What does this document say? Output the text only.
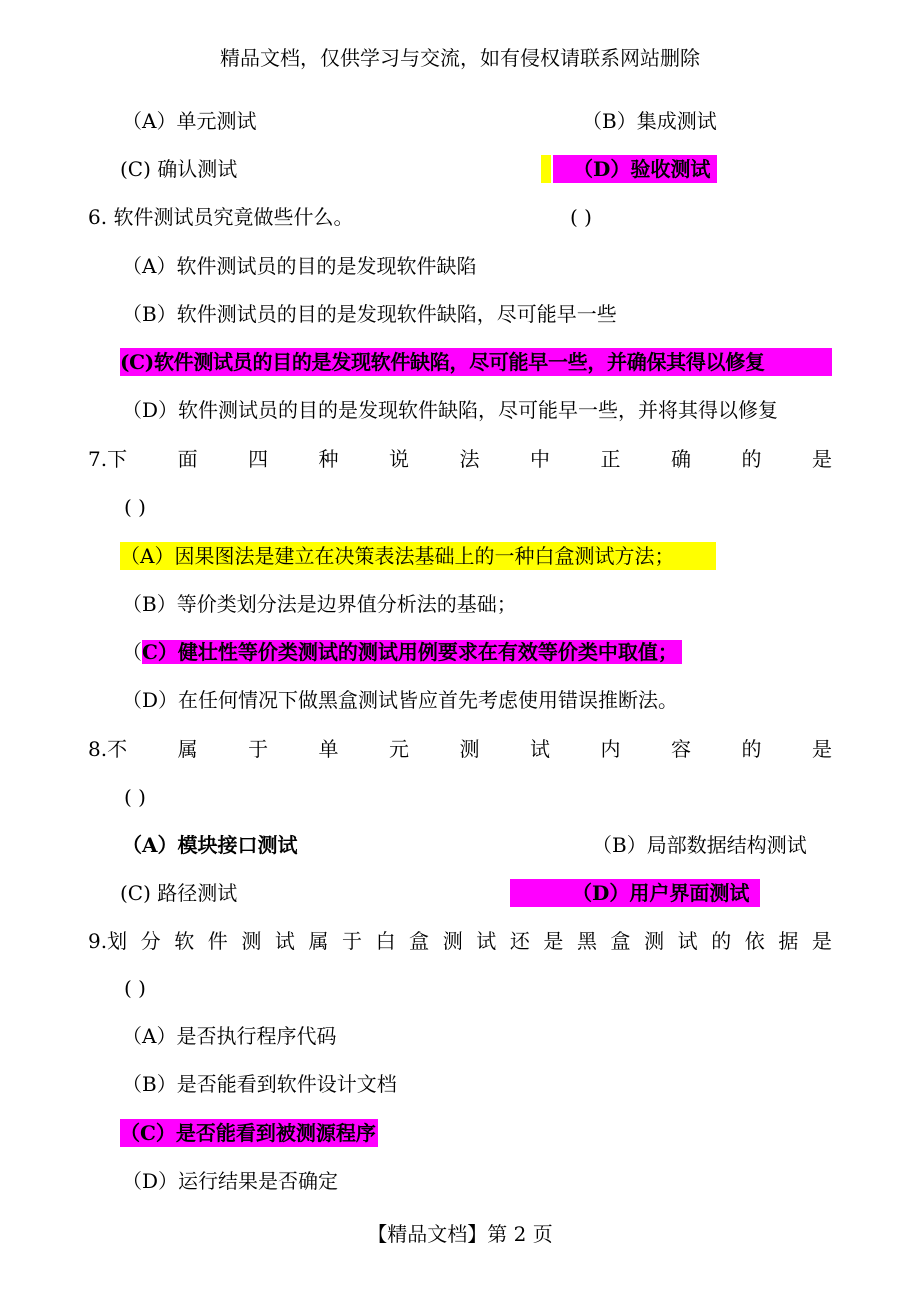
精品文档，仅供学习与交流，如有侵权请联系网站删除
（A）单元测试	（B）集成测试
(C) 确认测试	（D）验收测试
6. 软件测试员究竟做些什么。	( )
（A）软件测试员的目的是发现软件缺陷
（B）软件测试员的目的是发现软件缺陷，尽可能早一些
(C)软件测试员的目的是发现软件缺陷，尽可能早一些，并确保其得以修复
（D）软件测试员的目的是发现软件缺陷，尽可能早一些，并将其得以修复
7.下	面	四	种	说	法	中	正	确	的	是
( )
（A）因果图法是建立在决策表法基础上的一种白盒测试方法；
（B）等价类划分法是边界值分析法的基础；
（C）健壮性等价类测试的测试用例要求在有效等价类中取值；
（D）在任何情况下做黑盒测试皆应首先考虑使用错误推断法。
8.不	属	于	单	元	测	试	内	容	的	是
( )
（A）模块接口测试	（B）局部数据结构测试
(C) 路径测试	（D）用户界面测试
9.划 分 软 件 测 试 属 于 白 盒 测 试 还 是 黑 盒 测 试 的 依 据 是
( )
（A）是否执行程序代码
（B）是否能看到软件设计文档
（C）是否能看到被测源程序
（D）运行结果是否确定
【精品文档】第 2 页
